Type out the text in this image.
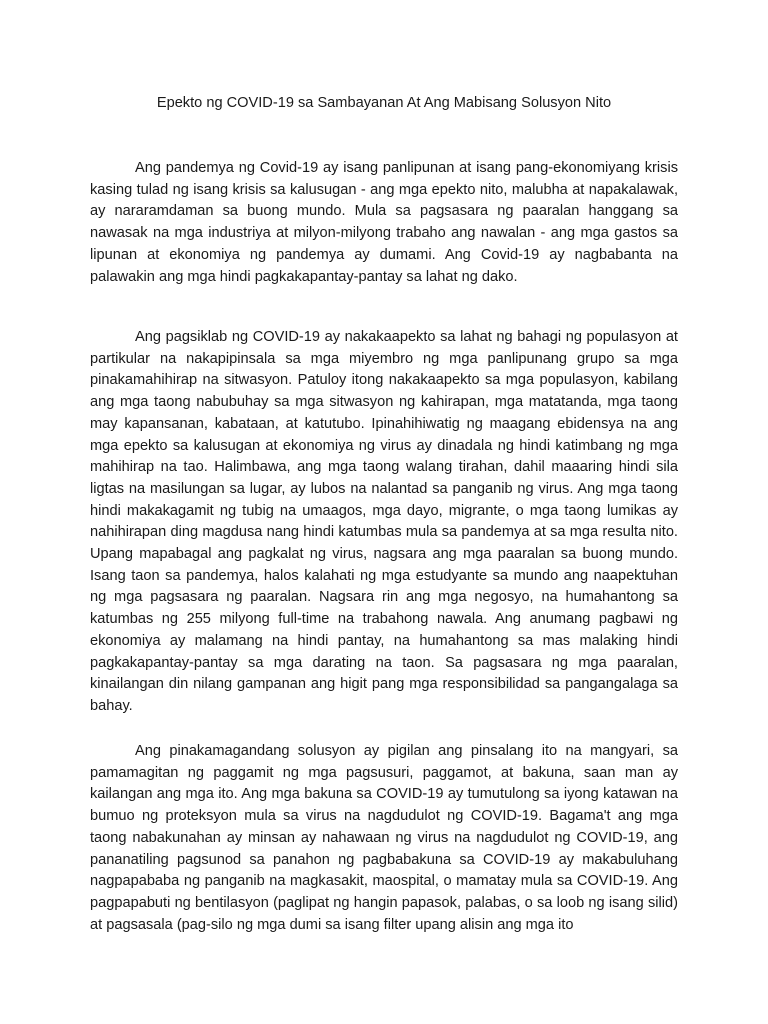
Epekto ng COVID-19 sa Sambayanan At Ang Mabisang Solusyon Nito

Ang pandemya ng Covid-19 ay isang panlipunan at isang pang-ekonomiyang krisis kasing tulad ng isang krisis sa kalusugan - ang mga epekto nito, malubha at napakalawak, ay nararamdaman sa buong mundo. Mula sa pagsasara ng paaralan hanggang sa nawasak na mga industriya at milyon-milyong trabaho ang nawalan - ang mga gastos sa lipunan at ekonomiya ng pandemya ay dumami. Ang Covid-19 ay nagbabanta na palawakin ang mga hindi pagkakapantay-pantay sa lahat ng dako.

Ang pagsiklab ng COVID-19 ay nakakaapekto sa lahat ng bahagi ng populasyon at partikular na nakapipinsala sa mga miyembro ng mga panlipunang grupo sa mga pinakamahihirap na sitwasyon. Patuloy itong nakakaapekto sa mga populasyon, kabilang ang mga taong nabubuhay sa mga sitwasyon ng kahirapan, mga matatanda, mga taong may kapansanan, kabataan, at katutubo. Ipinahihiwatig ng maagang ebidensya na ang mga epekto sa kalusugan at ekonomiya ng virus ay dinadala ng hindi katimbang ng mga mahihirap na tao. Halimbawa, ang mga taong walang tirahan, dahil maaaring hindi sila ligtas na masilungan sa lugar, ay lubos na nalantad sa panganib ng virus. Ang mga taong hindi makakagamit ng tubig na umaagos, mga dayo, migrante, o mga taong lumikas ay nahihirapan ding magdusa nang hindi katumbas mula sa pandemya at sa mga resulta nito. Upang mapabagal ang pagkalat ng virus, nagsara ang mga paaralan sa buong mundo. Isang taon sa pandemya, halos kalahati ng mga estudyante sa mundo ang naapektuhan ng mga pagsasara ng paaralan. Nagsara rin ang mga negosyo, na humahantong sa katumbas ng 255 milyong full-time na trabahong nawala. Ang anumang pagbawi ng ekonomiya ay malamang na hindi pantay, na humahantong sa mas malaking hindi pagkakapantay-pantay sa mga darating na taon. Sa pagsasara ng mga paaralan, kinailangan din nilang gampanan ang higit pang mga responsibilidad sa pangangalaga sa bahay.

Ang pinakamagandang solusyon ay pigilan ang pinsalang ito na mangyari, sa pamamagitan ng paggamit ng mga pagsusuri, paggamot, at bakuna, saan man ay kailangan ang mga ito. Ang mga bakuna sa COVID-19 ay tumutulong sa iyong katawan na bumuo ng proteksyon mula sa virus na nagdudulot ng COVID-19. Bagama't ang mga taong nabakunahan ay minsan ay nahawaan ng virus na nagdudulot ng COVID-19, ang pananatiling pagsunod sa panahon ng pagbabakuna sa COVID-19 ay makabuluhang nagpapababa ng panganib na magkasakit, maospital, o mamatay mula sa COVID-19. Ang pagpapabuti ng bentilasyon (paglipat ng hangin papasok, palabas, o sa loob ng isang silid) at pagsasala (pag-silo ng mga dumi sa isang filter upang alisin ang mga ito
